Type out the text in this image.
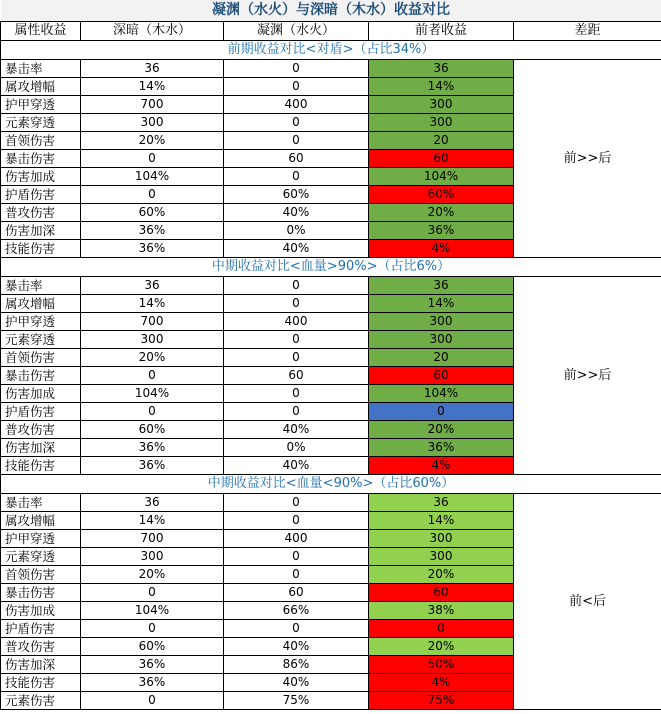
凝渊（水火）与深暗（木水）收益对比				
属性收益	深暗（木水）	凝渊（水火）	前者收益	差距
前期收益对比<对盾>（占比34%）				
暴击率	36	0	36	前>>后
属攻增幅	14%	0	14%	
护甲穿透	700	400	300	
元素穿透	300	0	300	
首领伤害	20%	0	20	
暴击伤害	0	60	60	
伤害加成	104%	0	104%	
护盾伤害	0	60%	60%	
普攻伤害	60%	40%	20%	
伤害加深	36%	0%	36%	
技能伤害	36%	40%	4%	
中期收益对比<血量>90%>（占比6%）				
暴击率	36	0	36	前>>后
属攻增幅	14%	0	14%	
护甲穿透	700	400	300	
元素穿透	300	0	300	
首领伤害	20%	0	20	
暴击伤害	0	60	60	
伤害加成	104%	0	104%	
护盾伤害	0	0	0	
普攻伤害	60%	40%	20%	
伤害加深	36%	0%	36%	
技能伤害	36%	40%	4%	
中期收益对比<血量<90%>（占比60%）				
暴击率	36	0	36	前<后
属攻增幅	14%	0	14%	
护甲穿透	700	400	300	
元素穿透	300	0	300	
首领伤害	20%	0	20%	
暴击伤害	0	60	60	
伤害加成	104%	66%	38%	
护盾伤害	0	0	0	
普攻伤害	60%	40%	20%	
伤害加深	36%	86%	50%	
技能伤害	36%	40%	4%	
元素伤害	0	75%	75%	
